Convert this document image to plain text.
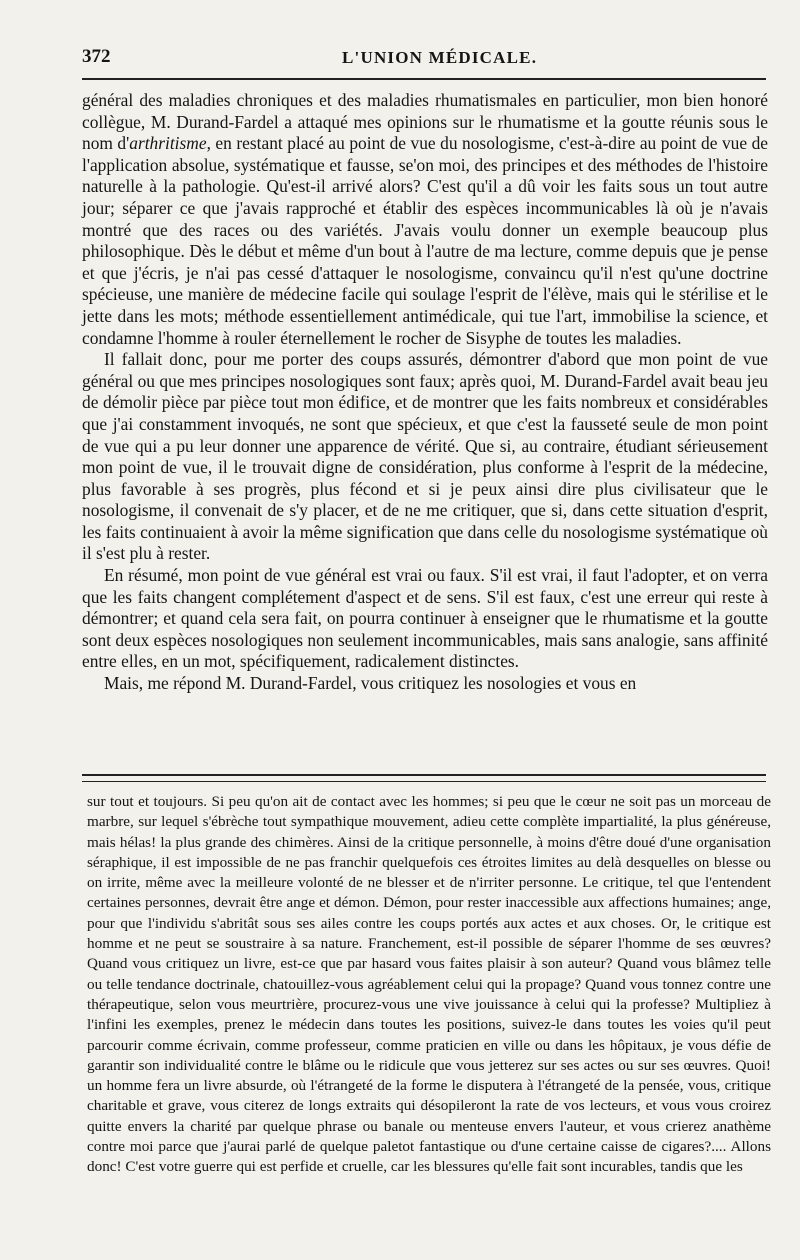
372	L'UNION MÉDICALE.

général des maladies chroniques et des maladies rhumatismales en particulier, mon bien honoré collègue, M. Durand-Fardel a attaqué mes opinions sur le rhumatisme et la goutte réunis sous le nom d'arthritisme, en restant placé au point de vue du nosologisme, c'est-à-dire au point de vue de l'application absolue, systématique et fausse, se'on moi, des principes et des méthodes de l'histoire naturelle à la pathologie. Qu'est-il arrivé alors? C'est qu'il a dû voir les faits sous un tout autre jour; séparer ce que j'avais rapproché et établir des espèces incommunicables là où je n'avais montré que des races ou des variétés. J'avais voulu donner un exemple beaucoup plus philosophique. Dès le début et même d'un bout à l'autre de ma lecture, comme depuis que je pense et que j'écris, je n'ai pas cessé d'attaquer le nosologisme, convaincu qu'il n'est qu'une doctrine spécieuse, une manière de médecine facile qui soulage l'esprit de l'élève, mais qui le stérilise et le jette dans les mots; méthode essentiellement antimédicale, qui tue l'art, immobilise la science, et condamne l'homme à rouler éternellement le rocher de Sisyphe de toutes les maladies.

Il fallait donc, pour me porter des coups assurés, démontrer d'abord que mon point de vue général ou que mes principes nosologiques sont faux; après quoi, M. Durand-Fardel avait beau jeu de démolir pièce par pièce tout mon édifice, et de montrer que les faits nombreux et considérables que j'ai constamment invoqués, ne sont que spécieux, et que c'est la fausseté seule de mon point de vue qui a pu leur donner une apparence de vérité. Que si, au contraire, étudiant sérieusement mon point de vue, il le trouvait digne de considération, plus conforme à l'esprit de la médecine, plus favorable à ses progrès, plus fécond et si je peux ainsi dire plus civilisateur que le nosologisme, il convenait de s'y placer, et de ne me critiquer, que si, dans cette situation d'esprit, les faits continuaient à avoir la même signification que dans celle du nosologisme systématique où il s'est plu à rester.

En résumé, mon point de vue général est vrai ou faux. S'il est vrai, il faut l'adopter, et on verra que les faits changent complétement d'aspect et de sens. S'il est faux, c'est une erreur qui reste à démontrer; et quand cela sera fait, on pourra continuer à enseigner que le rhumatisme et la goutte sont deux espèces nosologiques non seulement incommunicables, mais sans analogie, sans affinité entre elles, en un mot, spécifiquement, radicalement distinctes.

Mais, me répond M. Durand-Fardel, vous critiquez les nosologies et vous en

sur tout et toujours. Si peu qu'on ait de contact avec les hommes; si peu que le cœur ne soit pas un morceau de marbre, sur lequel s'ébrèche tout sympathique mouvement, adieu cette complète impartialité, la plus généreuse, mais hélas! la plus grande des chimères. Ainsi de la critique personnelle, à moins d'être doué d'une organisation séraphique, il est impossible de ne pas franchir quelquefois ces étroites limites au delà desquelles on blesse ou on irrite, même avec la meilleure volonté de ne blesser et de n'irriter personne. Le critique, tel que l'entendent certaines personnes, devrait être ange et démon. Démon, pour rester inaccessible aux affections humaines; ange, pour que l'individu s'abritât sous ses ailes contre les coups portés aux actes et aux choses. Or, le critique est homme et ne peut se soustraire à sa nature. Franchement, est-il possible de séparer l'homme de ses œuvres? Quand vous critiquez un livre, est-ce que par hasard vous faites plaisir à son auteur? Quand vous blâmez telle ou telle tendance doctrinale, chatouillez-vous agréablement celui qui la propage? Quand vous tonnez contre une thérapeutique, selon vous meurtrière, procurez-vous une vive jouissance à celui qui la professe? Multipliez à l'infini les exemples, prenez le médecin dans toutes les positions, suivez-le dans toutes les voies qu'il peut parcourir comme écrivain, comme professeur, comme praticien en ville ou dans les hôpitaux, je vous défie de garantir son individualité contre le blâme ou le ridicule que vous jetterez sur ses actes ou sur ses œuvres. Quoi! un homme fera un livre absurde, où l'étrangeté de la forme le disputera à l'étrangeté de la pensée, vous, critique charitable et grave, vous citerez de longs extraits qui désopileront la rate de vos lecteurs, et vous vous croirez quitte envers la charité par quelque phrase ou banale ou menteuse envers l'auteur, et vous crierez anathème contre moi parce que j'aurai parlé de quelque paletot fantastique ou d'une certaine caisse de cigares?.... Allons donc! C'est votre guerre qui est perfide et cruelle, car les blessures qu'elle fait sont incurables, tandis que les
